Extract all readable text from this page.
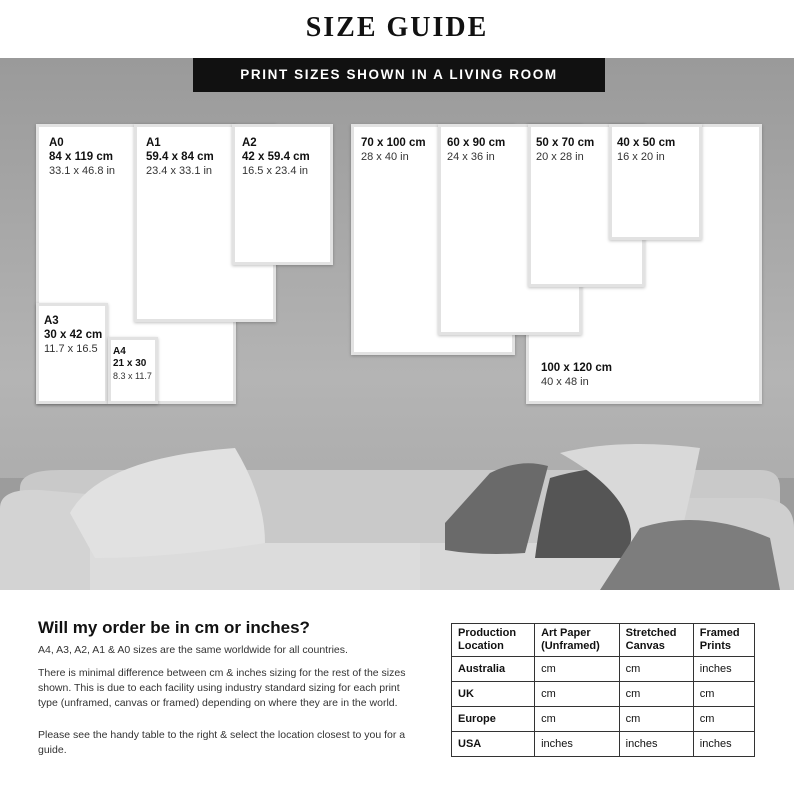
SIZE GUIDE
PRINT SIZES SHOWN IN A LIVING ROOM
A0
84 x 119 cm
33.1 x 46.8 in
A1
59.4 x 84 cm
23.4 x 33.1 in
A2
42 x 59.4 cm
16.5 x 23.4 in
A3
30 x 42 cm
11.7 x 16.5	A4
21 x 30
8.3 x 11.7
70 x 100 cm
28 x 40 in
60 x 90 cm
24 x 36 in
50 x 70 cm
20 x 28 in
40 x 50 cm
16 x 20 in
100 x 120 cm
40 x 48 in
Will my order be in cm or inches?
A4, A3, A2, A1 & A0 sizes are the same worldwide for all countries.
There is minimal difference between cm & inches sizing for the rest of the sizes shown. This is due to each facility using industry standard sizing for each print type (unframed, canvas or framed) depending on where they are in the world.
Please see the handy table to the right & select the location closest to you for a guide.
Production Location	Art Paper (Unframed)	Stretched Canvas	Framed Prints
Australia	cm	cm	inches
UK	cm	cm	cm
Europe	cm	cm	cm
USA	inches	inches	inches
